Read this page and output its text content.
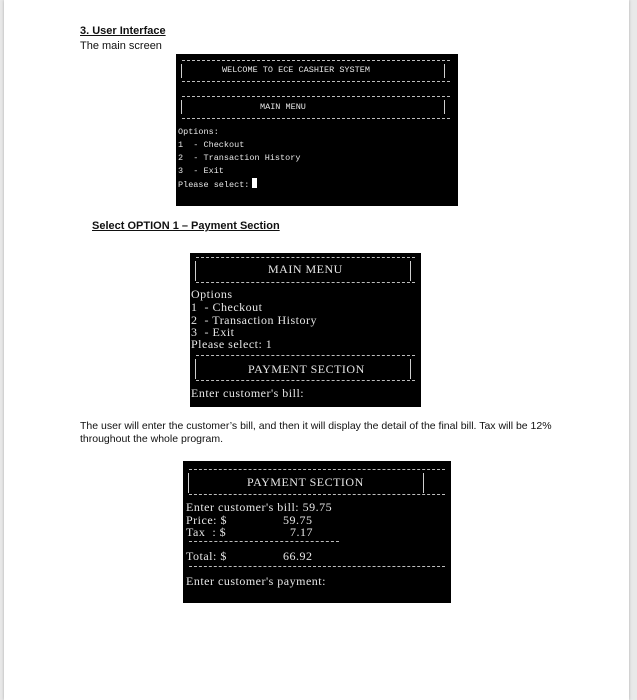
3. User Interface
The main screen
Select OPTION 1 – Payment Section
The user will enter the customer’s bill, and then it will display the detail of the final bill. Tax will be 12% throughout the whole program.
WELCOME TO ECE CASHIER SYSTEM
MAIN MENU
Options:
1  - Checkout
2  - Transaction History
3  - Exit
Please select:
MAIN MENU
Options
1  - Checkout
2  - Transaction History
3  - Exit
Please select: 1
PAYMENT SECTION
Enter customer's bill:
PAYMENT SECTION
Enter customer's bill: 59.75
Price: $	59.75
Tax  : $	7.17
Total: $	66.92
Enter customer's payment:
